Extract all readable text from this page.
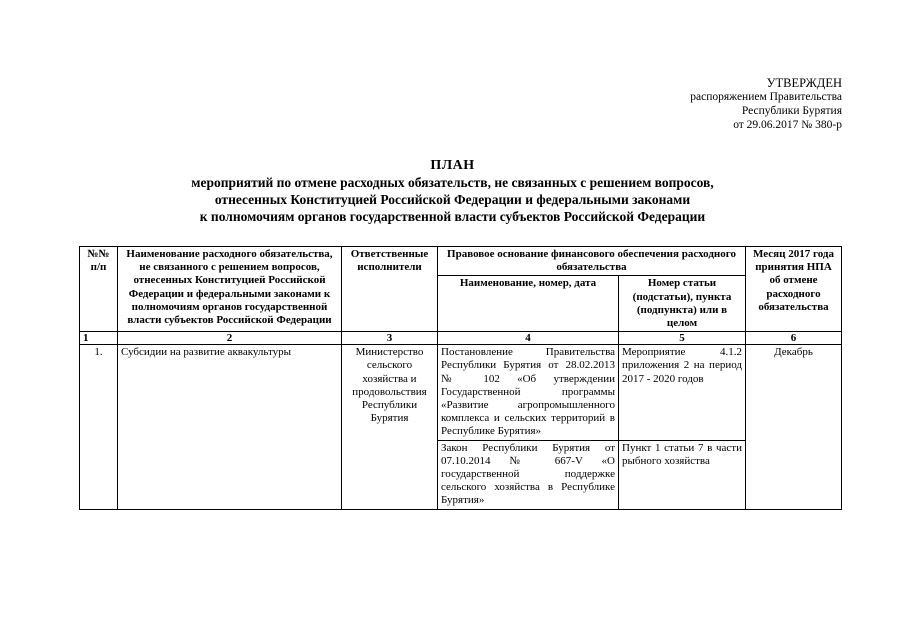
УТВЕРЖДЕН
распоряжением Правительства
Республики Бурятия
от 29.06.2017 № 380-р
ПЛАН
мероприятий по отмене расходных обязательств, не связанных с решением вопросов,
отнесенных Конституцией Российской Федерации и федеральными законами
к полномочиям органов государственной власти субъектов Российской Федерации
№№ п/п	Наименование расходного обязательства, не связанного с решением вопросов, отнесенных Конституцией Российской Федерации и федеральными законами к полномочиям органов государственной власти субъектов Российской Федерации	Ответственные исполнители	Правовое основание финансового обеспечения расходного обязательства		Месяц 2017 года принятия НПА об отмене расходного обязательства
			Наименование, номер, дата	Номер статьи (подстатьи), пункта (подпункта) или в целом	
1	2	3	4	5	6
1.	Субсидии на развитие аквакультуры	Министерство сельского хозяйства и продовольствия Республики Бурятия	Постановление Правительства Республики Бурятия от 28.02.2013 № 102 «Об утверждении Государственной программы «Развитие агропромышленного комплекса и сельских территорий в Республике Бурятия»	Мероприятие 4.1.2 приложения 2 на период 2017 - 2020 годов	Декабрь
			Закон Республики Бурятия от 07.10.2014 № 667-V «О государственной поддержке сельского хозяйства в Республике Бурятия»	Пункт 1 статьи 7 в части рыбного хозяйства	
